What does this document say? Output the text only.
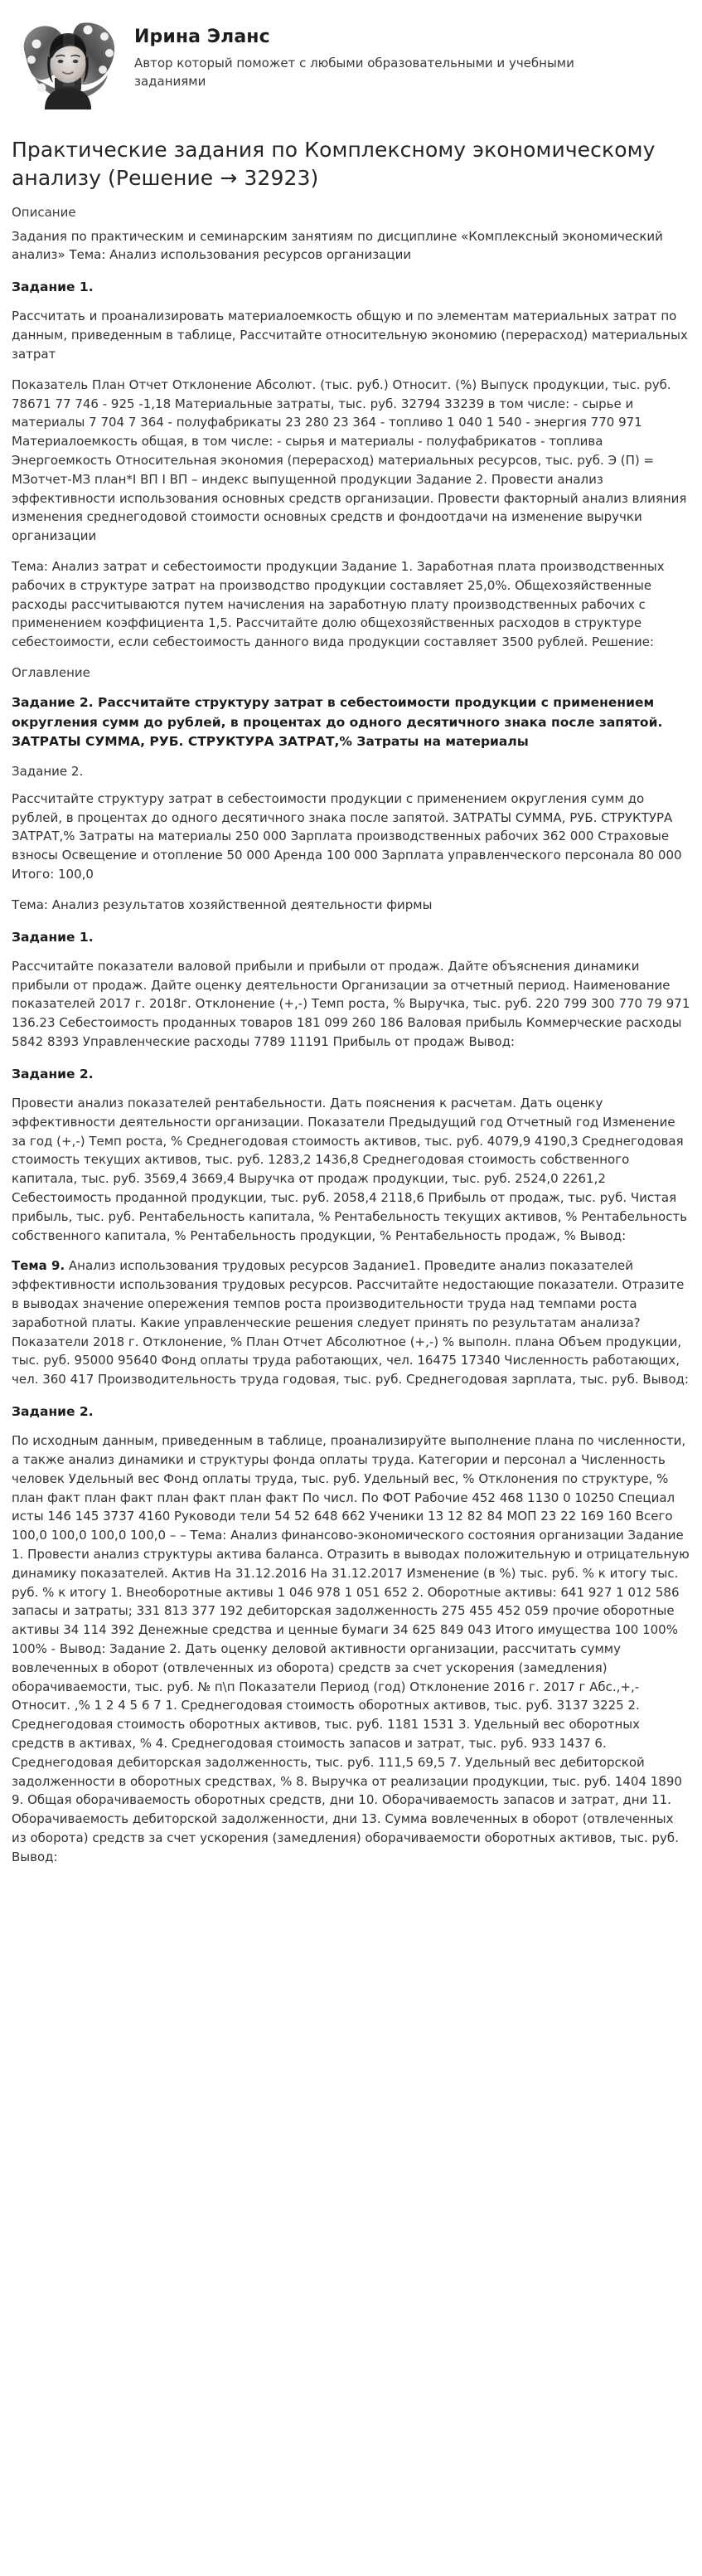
Ирина Эланс
Автор который поможет с любыми образовательными и учебными заданиями
Практические задания по Комплексному экономическому анализу (Решение → 32923)
Описание

Задания по практическим и семинарским занятиям по дисциплине «Комплексный экономический анализ» Тема: Анализ использования ресурсов организации

Задание 1.

Рассчитать и проанализировать материалоемкость общую и по элементам материальных затрат по данным, приведенным в таблице, Рассчитайте относительную экономию (перерасход) материальных затрат

Показатель План Отчет Отклонение Абсолют. (тыс. руб.) Относит. (%) Выпуск продукции, тыс. руб. 78671 77 746 - 925 -1,18 Материальные затраты, тыс. руб. 32794 33239 в том числе: - сырье и материалы 7 704 7 364 - полуфабрикаты 23 280 23 364 - топливо 1 040 1 540 - энергия 770 971 Материалоемкость общая, в том числе: - сырья и материалы - полуфабрикатов - топлива Энергоемкость Относительная экономия (перерасход) материальных ресурсов, тыс. руб. Э (П) = МЗотчет-МЗ план*I ВП I ВП – индекс выпущенной продукции Задание 2. Провести анализ эффективности использования основных средств организации. Провести факторный анализ влияния изменения среднегодовой стоимости основных средств и фондоотдачи на изменение выручки организации

Тема: Анализ затрат и себестоимости продукции Задание 1. Заработная плата производственных рабочих в структуре затрат на производство продукции составляет 25,0%. Общехозяйственные расходы рассчитываются путем начисления на заработную плату производственных рабочих с применением коэффициента 1,5. Рассчитайте долю общехозяйственных расходов в структуре себестоимости, если себестоимость данного вида продукции составляет 3500 рублей. Решение:

Оглавление
Задание 2. Рассчитайте структуру затрат в себестоимости продукции с применением округления сумм до рублей, в процентах до одного десятичного знака после запятой. ЗАТРАТЫ СУММА, РУБ. СТРУКТУРА ЗАТРАТ,% Затраты на материалы

Задание 2.

Рассчитайте структуру затрат в себестоимости продукции с применением округления сумм до рублей, в процентах до одного десятичного знака после запятой. ЗАТРАТЫ СУММА, РУБ. СТРУКТУРА ЗАТРАТ,% Затраты на материалы 250 000 Зарплата производственных рабочих 362 000 Страховые взносы Освещение и отопление 50 000 Аренда 100 000 Зарплата управленческого персонала 80 000 Итого: 100,0

Тема: Анализ результатов хозяйственной деятельности фирмы

Задание 1.

Рассчитайте показатели валовой прибыли и прибыли от продаж. Дайте объяснения динамики прибыли от продаж. Дайте оценку деятельности Организации за отчетный период. Наименование показателей 2017 г. 2018г. Отклонение (+,-) Темп роста, % Выручка, тыс. руб. 220 799 300 770 79 971 136.23 Себестоимость проданных товаров 181 099 260 186 Валовая прибыль Коммерческие расходы 5842 8393 Управленческие расходы 7789 11191 Прибыль от продаж Вывод:

Задание 2.

Провести анализ показателей рентабельности. Дать пояснения к расчетам. Дать оценку эффективности деятельности организации. Показатели Предыдущий год Отчетный год Изменение за год (+,-) Темп роста, % Среднегодовая стоимость активов, тыс. руб. 4079,9 4190,3 Среднегодовая стоимость текущих активов, тыс. руб. 1283,2 1436,8 Среднегодовая стоимость собственного капитала, тыс. руб. 3569,4 3669,4 Выручка от продаж продукции, тыс. руб. 2524,0 2261,2 Себестоимость проданной продукции, тыс. руб. 2058,4 2118,6 Прибыль от продаж, тыс. руб. Чистая прибыль, тыс. руб. Рентабельность капитала, % Рентабельность текущих активов, % Рентабельность собственного капитала, % Рентабельность продукции, % Рентабельность продаж, % Вывод:

Тема 9. Анализ использования трудовых ресурсов Задание1. Проведите анализ показателей эффективности использования трудовых ресурсов. Рассчитайте недостающие показатели. Отразите в выводах значение опережения темпов роста производительности труда над темпами роста заработной платы. Какие управленческие решения следует принять по результатам анализа? Показатели 2018 г. Отклонение, % План Отчет Абсолютное (+,-) % выполн. плана Объем продукции, тыс. руб. 95000 95640 Фонд оплаты труда работающих, чел. 16475 17340 Численность работающих, чел. 360 417 Производительность труда годовая, тыс. руб. Среднегодовая зарплата, тыс. руб. Вывод:

Задание 2.

По исходным данным, приведенным в таблице, проанализируйте выполнение плана по численности, а также анализ динамики и структуры фонда оплаты труда. Категории и персонал а Численность человек Удельный вес Фонд оплаты труда, тыс. руб. Удельный вес, % Отклонения по структуре, % план факт план факт план факт план факт По числ. По ФОТ Рабочие 452 468 1130 0 10250 Специал исты 146 145 3737 4160 Руководи тели 54 52 648 662 Ученики 13 12 82 84 МОП 23 22 169 160 Всего 100,0 100,0 100,0 100,0 – – Тема: Анализ финансово-экономического состояния организации Задание 1. Провести анализ структуры актива баланса. Отразить в выводах положительную и отрицательную динамику показателей. Актив На 31.12.2016 На 31.12.2017 Изменение (в %) тыс. руб. % к итогу тыс. руб. % к итогу 1. Внеоборотные активы 1 046 978 1 051 652 2. Оборотные активы: 641 927 1 012 586 запасы и затраты; 331 813 377 192 дебиторская задолженность 275 455 452 059 прочие оборотные активы 34 114 392 Денежные средства и ценные бумаги 34 625 849 043 Итого имущества 100 100% 100% - Вывод: Задание 2. Дать оценку деловой активности организации, рассчитать сумму вовлеченных в оборот (отвлеченных из оборота) средств за счет ускорения (замедления) оборачиваемости, тыс. руб. № п\п Показатели Период (год) Отклонение 2016 г. 2017 г Абс.,+,- Относит. ,% 1 2 4 5 6 7 1. Среднегодовая стоимость оборотных активов, тыс. руб. 3137 3225 2. Среднегодовая стоимость оборотных активов, тыс. руб. 1181 1531 3. Удельный вес оборотных средств в активах, % 4. Среднегодовая стоимость запасов и затрат, тыс. руб. 933 1437 6. Среднегодовая дебиторская задолженность, тыс. руб. 111,5 69,5 7. Удельный вес дебиторской задолженности в оборотных средствах, % 8. Выручка от реализации продукции, тыс. руб. 1404 1890 9. Общая оборачиваемость оборотных средств, дни 10. Оборачиваемость запасов и затрат, дни 11. Оборачиваемость дебиторской задолженности, дни 13. Сумма вовлеченных в оборот (отвлеченных из оборота) средств за счет ускорения (замедления) оборачиваемости оборотных активов, тыс. руб. Вывод:
